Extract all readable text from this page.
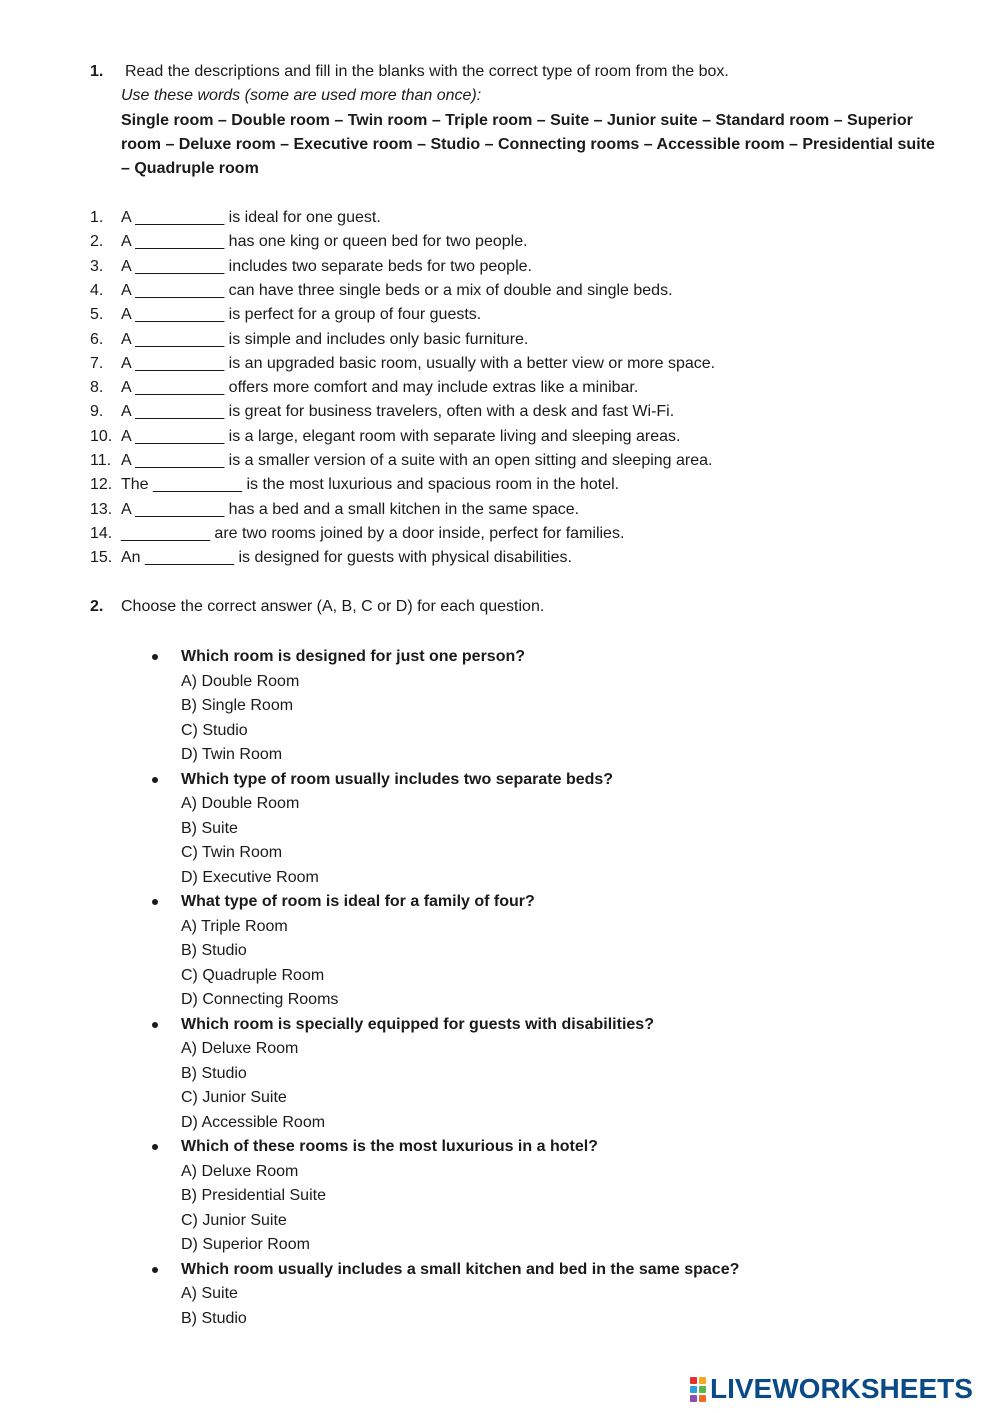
1. Read the descriptions and fill in the blanks with the correct type of room from the box.
Use these words (some are used more than once):
Single room – Double room – Twin room – Triple room – Suite – Junior suite – Standard room – Superior
room – Deluxe room – Executive room – Studio – Connecting rooms – Accessible room – Presidential suite
– Quadruple room
1. A __________ is ideal for one guest.
2. A __________ has one king or queen bed for two people.
3. A __________ includes two separate beds for two people.
4. A __________ can have three single beds or a mix of double and single beds.
5. A __________ is perfect for a group of four guests.
6. A __________ is simple and includes only basic furniture.
7. A __________ is an upgraded basic room, usually with a better view or more space.
8. A __________ offers more comfort and may include extras like a minibar.
9. A __________ is great for business travelers, often with a desk and fast Wi-Fi.
10. A __________ is a large, elegant room with separate living and sleeping areas.
11. A __________ is a smaller version of a suite with an open sitting and sleeping area.
12. The __________ is the most luxurious and spacious room in the hotel.
13. A __________ has a bed and a small kitchen in the same space.
14. __________ are two rooms joined by a door inside, perfect for families.
15. An __________ is designed for guests with physical disabilities.
2. Choose the correct answer (A, B, C or D) for each question.
Which room is designed for just one person?
A) Double Room
B) Single Room
C) Studio
D) Twin Room
Which type of room usually includes two separate beds?
A) Double Room
B) Suite
C) Twin Room
D) Executive Room
What type of room is ideal for a family of four?
A) Triple Room
B) Studio
C) Quadruple Room
D) Connecting Rooms
Which room is specially equipped for guests with disabilities?
A) Deluxe Room
B) Studio
C) Junior Suite
D) Accessible Room
Which of these rooms is the most luxurious in a hotel?
A) Deluxe Room
B) Presidential Suite
C) Junior Suite
D) Superior Room
Which room usually includes a small kitchen and bed in the same space?
A) Suite
B) Studio
LIVEWORKSHEETS
